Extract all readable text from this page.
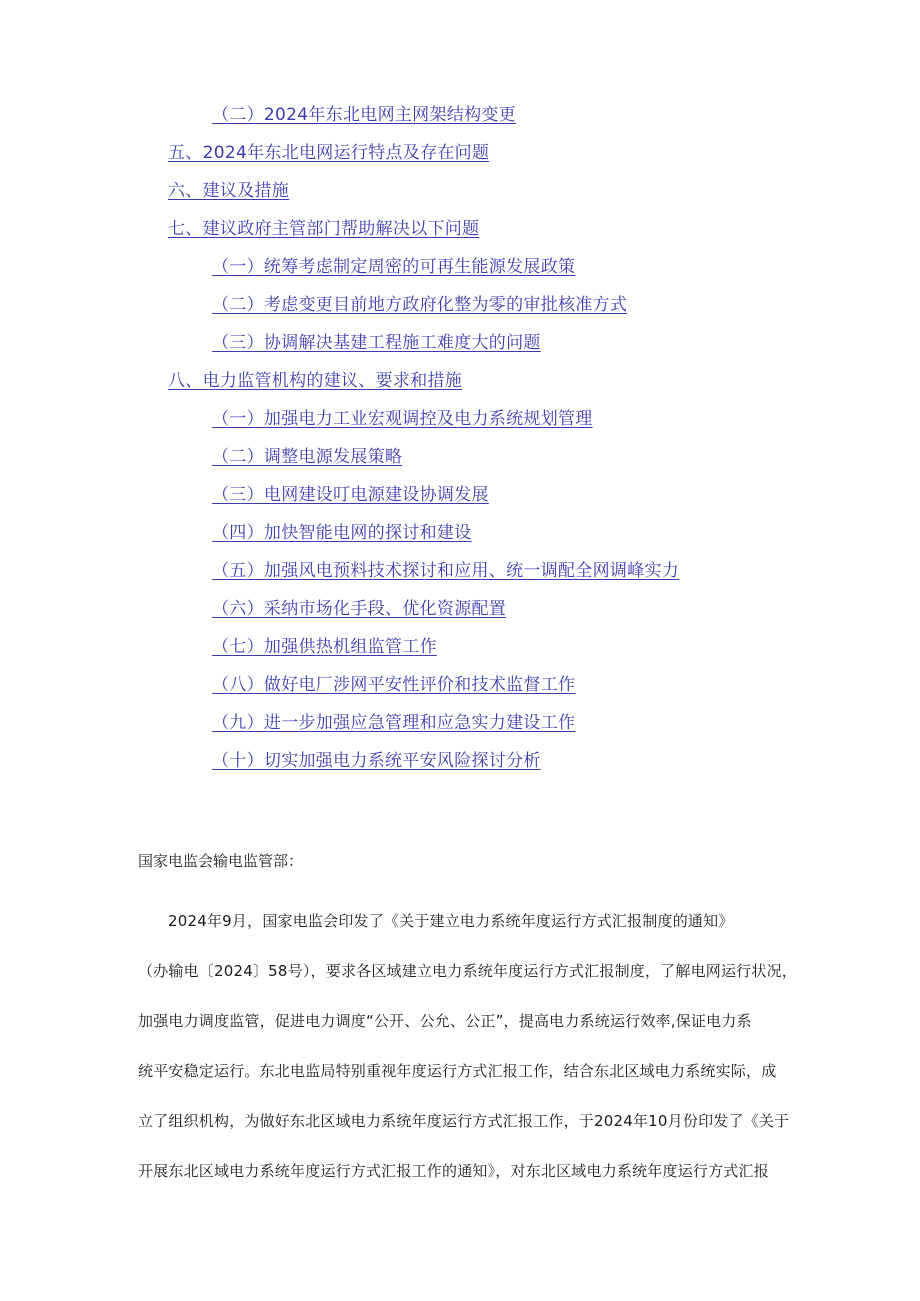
（二）2024年东北电网主网架结构变更
五、2024年东北电网运行特点及存在问题
六、建议及措施
七、建议政府主管部门帮助解决以下问题
（一）统筹考虑制定周密的可再生能源发展政策
（二）考虑变更目前地方政府化整为零的审批核准方式
（三）协调解决基建工程施工难度大的问题
八、电力监管机构的建议、要求和措施
（一）加强电力工业宏观调控及电力系统规划管理
（二）调整电源发展策略
（三）电网建设叮电源建设协调发展
（四）加快智能电网的探讨和建设
（五）加强风电预料技术探讨和应用、统一调配全网调峰实力
（六）采纳市场化手段、优化资源配置
（七）加强供热机组监管工作
（八）做好电厂涉网平安性评价和技术监督工作
（九）进一步加强应急管理和应急实力建设工作
（十）切实加强电力系统平安风险探讨分析
国家电监会输电监管部：
2024年9月，国家电监会印发了《关于建立电力系统年度运行方式汇报制度的通知》
（办输电〔2024〕58号），要求各区域建立电力系统年度运行方式汇报制度，了解电网运行状况，
加强电力调度监管，促进电力调度“公开、公允、公正”，提高电力系统运行效率,保证电力系
统平安稳定运行。东北电监局特别重视年度运行方式汇报工作，结合东北区域电力系统实际，成
立了组织机构，为做好东北区域电力系统年度运行方式汇报工作，于2024年10月份印发了《关于
开展东北区域电力系统年度运行方式汇报工作的通知》，对东北区域电力系统年度运行方式汇报
